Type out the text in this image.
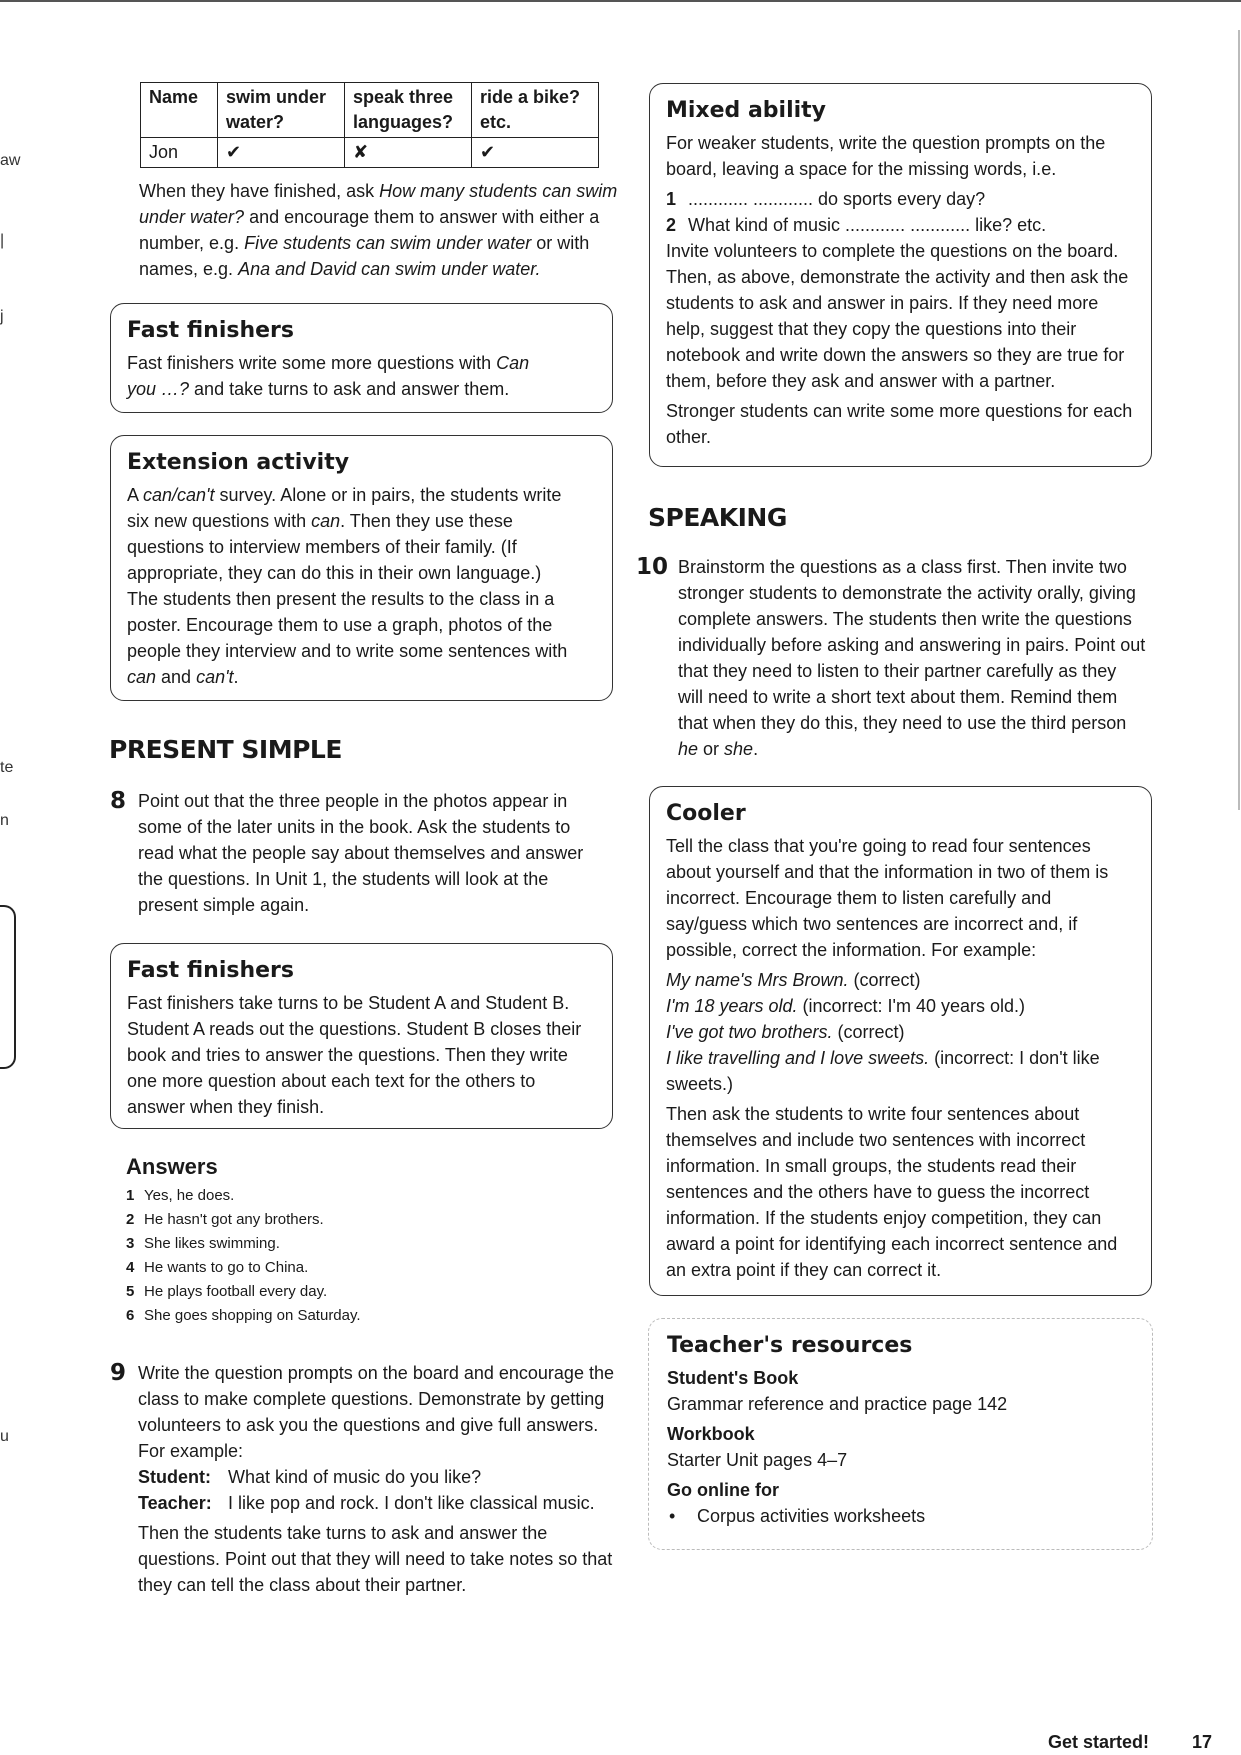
aw
|
j
te
n
u
Name	swim under water?	speak three languages?	ride a bike? etc.
Jon	✔	✘	✔

When they have finished, ask How many students can swim under water? and encourage them to answer with either a number, e.g. Five students can swim under water or with names, e.g. Ana and David can swim under water.

Fast finishers

Fast finishers write some more questions with Can you …? and take turns to ask and answer them.

Extension activity

A can/can't survey. Alone or in pairs, the students write six new questions with can. Then they use these questions to interview members of their family. (If appropriate, they can do this in their own language.) The students then present the results to the class in a poster. Encourage them to use a graph, photos of the people they interview and to write some sentences with can and can't.

PRESENT SIMPLE
8 Point out that the three people in the photos appear in some of the later units in the book. Ask the students to read what the people say about themselves and answer the questions. In Unit 1, the students will look at the present simple again.

Fast finishers

Fast finishers take turns to be Student A and Student B. Student A reads out the questions. Student B closes their book and tries to answer the questions. Then they write one more question about each text for the others to answer when they finish.

Answers
1 Yes, he does.
2 He hasn't got any brothers.
3 She likes swimming.
4 He wants to go to China.
5 He plays football every day.
6 She goes shopping on Saturday.
9 Write the question prompts on the board and encourage the class to make complete questions. Demonstrate by getting volunteers to ask you the questions and give full answers. For example:

Student: What kind of music do you like?

Teacher: I like pop and rock. I don't like classical music.

Then the students take turns to ask and answer the questions. Point out that they will need to take notes so that they can tell the class about their partner.

Mixed ability

For weaker students, write the question prompts on the board, leaving a space for the missing words, i.e.

1 ............ ............ do sports every day?

2 What kind of music ............ ............ like? etc.

Invite volunteers to complete the questions on the board. Then, as above, demonstrate the activity and then ask the students to ask and answer in pairs. If they need more help, suggest that they copy the questions into their notebook and write down the answers so they are true for them, before they ask and answer with a partner.

Stronger students can write some more questions for each other.

SPEAKING
10 Brainstorm the questions as a class first. Then invite two stronger students to demonstrate the activity orally, giving complete answers. The students then write the questions individually before asking and answering in pairs. Point out that they need to listen to their partner carefully as they will need to write a short text about them. Remind them that when they do this, they need to use the third person he or she.

Cooler

Tell the class that you're going to read four sentences about yourself and that the information in two of them is incorrect. Encourage them to listen carefully and say/guess which two sentences are incorrect and, if possible, correct the information. For example:

My name's Mrs Brown. (correct)

I'm 18 years old. (incorrect: I'm 40 years old.)

I've got two brothers. (correct)

I like travelling and I love sweets. (incorrect: I don't like sweets.)

Then ask the students to write four sentences about themselves and include two sentences with incorrect information. In small groups, the students read their sentences and the others have to guess the incorrect information. If the students enjoy competition, they can award a point for identifying each incorrect sentence and an extra point if they can correct it.

Teacher's resources

Student's Book

Grammar reference and practice page 142

Workbook

Starter Unit pages 4–7

Go online for

• Corpus activities worksheets

Get started! 17
